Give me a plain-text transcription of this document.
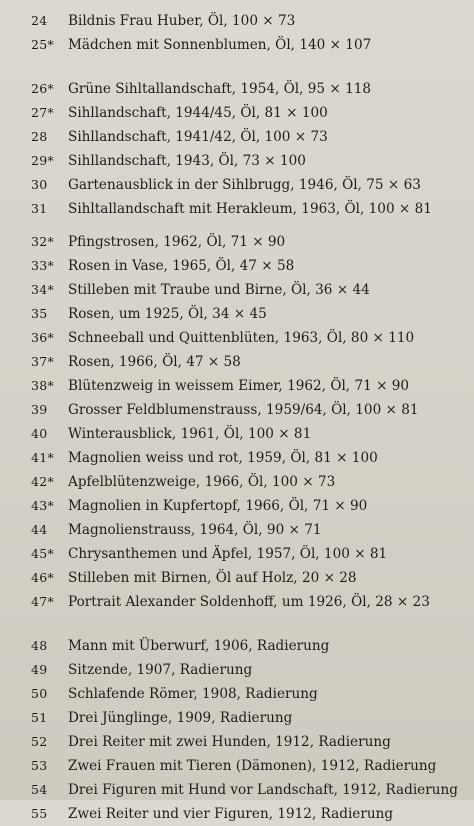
24	Bildnis Frau Huber, Öl, 100 × 73
25*	Mädchen mit Sonnenblumen, Öl, 140 × 107
26*	Grüne Sihltallandschaft, 1954, Öl, 95 × 118
27*	Sihllandschaft, 1944/45, Öl, 81 × 100
28	Sihllandschaft, 1941/42, Öl, 100 × 73
29*	Sihllandschaft, 1943, Öl, 73 × 100
30	Gartenausblick in der Sihlbrugg, 1946, Öl, 75 × 63
31	Sihltallandschaft mit Herakleum, 1963, Öl, 100 × 81
32*	Pfingstrosen, 1962, Öl, 71 × 90
33*	Rosen in Vase, 1965, Öl, 47 × 58
34*	Stilleben mit Traube und Birne, Öl, 36 × 44
35	Rosen, um 1925, Öl, 34 × 45
36*	Schneeball und Quittenblüten, 1963, Öl, 80 × 110
37*	Rosen, 1966, Öl, 47 × 58
38*	Blütenzweig in weissem Eimer, 1962, Öl, 71 × 90
39	Grosser Feldblumenstrauss, 1959/64, Öl, 100 × 81
40	Winterausblick, 1961, Öl, 100 × 81
41*	Magnolien weiss und rot, 1959, Öl, 81 × 100
42*	Apfelblütenzweige, 1966, Öl, 100 × 73
43*	Magnolien in Kupfertopf, 1966, Öl, 71 × 90
44	Magnolienstrauss, 1964, Öl, 90 × 71
45*	Chrysanthemen und Äpfel, 1957, Öl, 100 × 81
46*	Stilleben mit Birnen, Öl auf Holz, 20 × 28
47*	Portrait Alexander Soldenhoff, um 1926, Öl, 28 × 23
48	Mann mit Überwurf, 1906, Radierung
49	Sitzende, 1907, Radierung
50	Schlafende Römer, 1908, Radierung
51	Drei Jünglinge, 1909, Radierung
52	Drei Reiter mit zwei Hunden, 1912, Radierung
53	Zwei Frauen mit Tieren (Dämonen), 1912, Radierung
54	Drei Figuren mit Hund vor Landschaft, 1912, Radierung
55	Zwei Reiter und vier Figuren, 1912, Radierung
